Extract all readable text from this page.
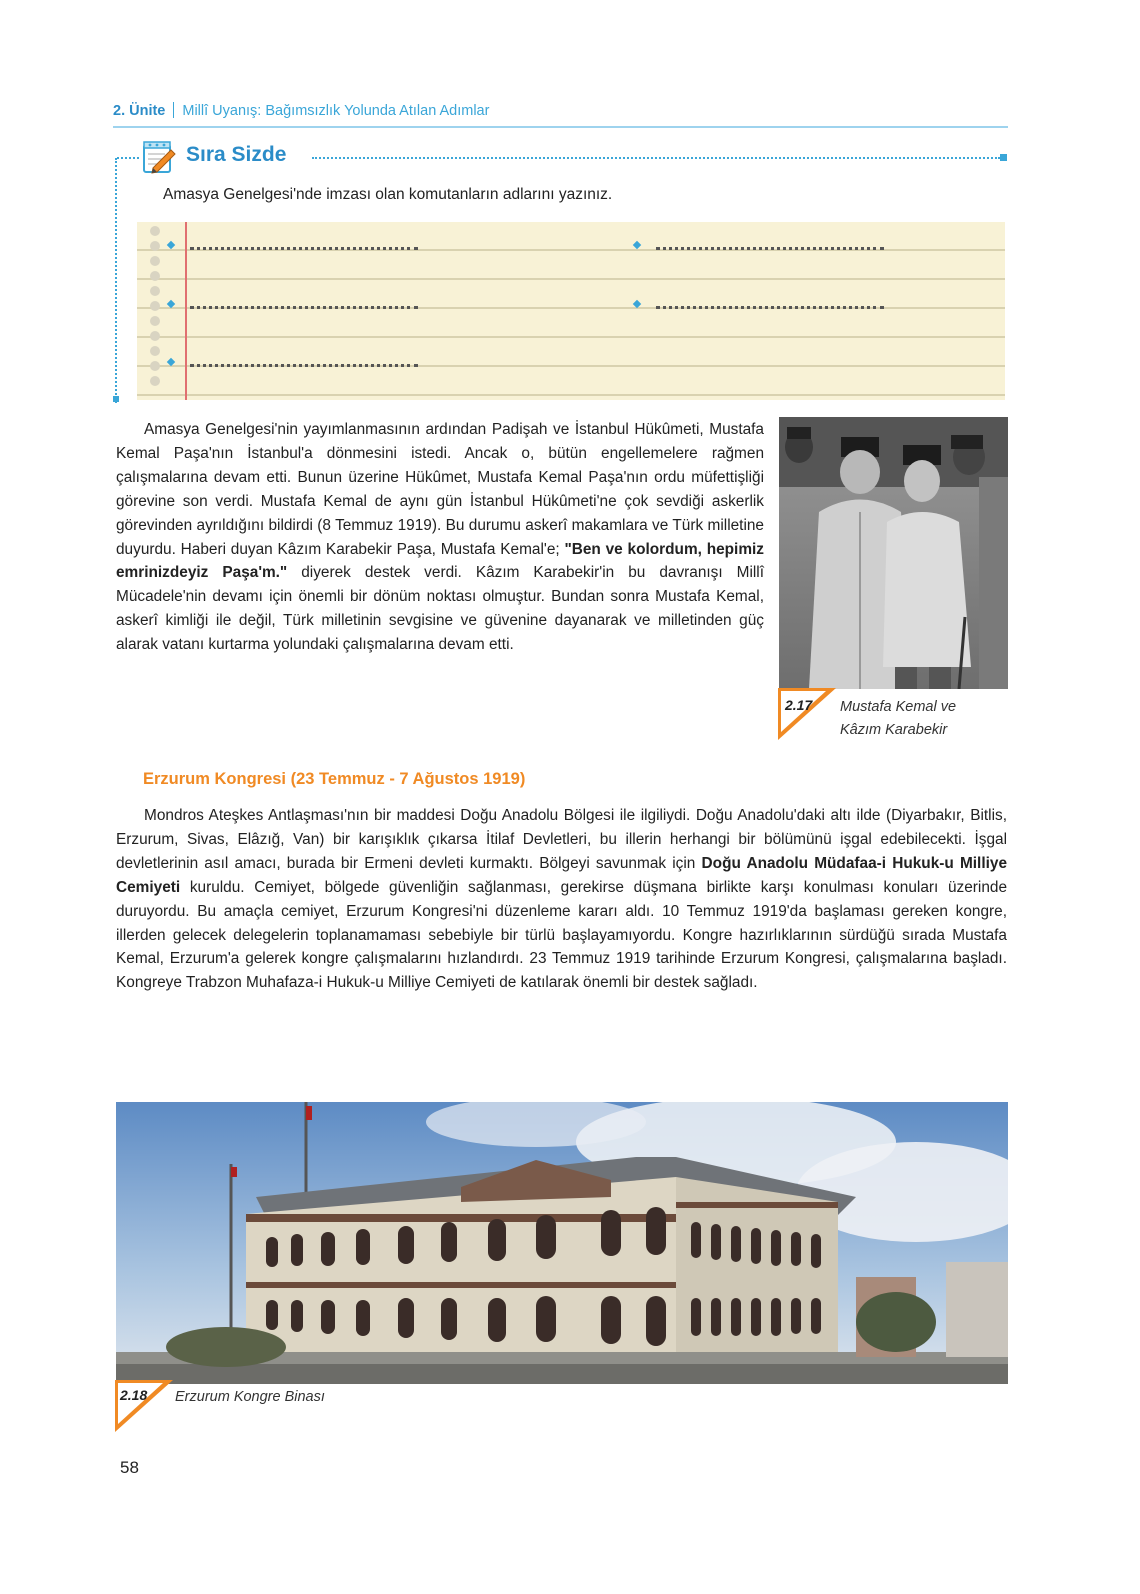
2. Ünite Millî Uyanış: Bağımsızlık Yolunda Atılan Adımlar
Sıra Sizde
Amasya Genelgesi'nde imzası olan komutanların adlarını yazınız.

Amasya Genelgesi'nin yayımlanmasının ardından Padişah ve İstanbul Hükûmeti, Mustafa Kemal Paşa'nın İstanbul'a dönmesini istedi. Ancak o, bütün engellemelere rağmen çalışmalarına devam etti. Bunun üzerine Hükûmet, Mustafa Kemal Paşa'nın ordu müfettişliği görevine son verdi. Mustafa Kemal de aynı gün İstanbul Hükûmeti'ne çok sevdiği askerlik görevinden ayrıldığını bildirdi (8 Temmuz 1919). Bu durumu askerî makamlara ve Türk milletine duyurdu. Haberi duyan Kâzım Karabekir Paşa, Mustafa Kemal'e; "Ben ve kolordum, hepimiz emrinizdeyiz Paşa'm." diyerek destek verdi. Kâzım Karabekir'in bu davranışı Millî Mücadele'nin devamı için önemli bir dönüm noktası olmuştur. Bundan sonra Mustafa Kemal, askerî kimliği ile değil, Türk milletinin sevgisine ve güvenine dayanarak ve milletinden güç alarak vatanı kurtarma yolundaki çalışmalarına devam etti.

2.17 Mustafa Kemal ve
Kâzım Karabekir
Erzurum Kongresi (23 Temmuz - 7 Ağustos 1919)

Mondros Ateşkes Antlaşması'nın bir maddesi Doğu Anadolu Bölgesi ile ilgiliydi. Doğu Anadolu'daki altı ilde (Diyarbakır, Bitlis, Erzurum, Sivas, Elâzığ, Van) bir karışıklık çıkarsa İtilaf Devletleri, bu illerin herhangi bir bölümünü işgal edebilecekti. İşgal devletlerinin asıl amacı, burada bir Ermeni devleti kurmaktı. Bölgeyi savunmak için Doğu Anadolu Müdafaa-i Hukuk-u Milliye Cemiyeti kuruldu. Cemiyet, bölgede güvenliğin sağlanması, gerekirse düşmana birlikte karşı konulması konuları üzerinde duruyordu. Bu amaçla cemiyet, Erzurum Kongresi'ni düzenleme kararı aldı. 10 Temmuz 1919'da başlaması gereken kongre, illerden gelecek delegelerin toplanamaması sebebiyle bir türlü başlayamıyordu. Kongre hazırlıklarının sürdüğü sırada Mustafa Kemal, Erzurum'a gelerek kongre çalışmalarını hızlandırdı. 23 Temmuz 1919 tarihinde Erzurum Kongresi, çalışmalarına başladı. Kongreye Trabzon Muhafaza-i Hukuk-u Milliye Cemiyeti de katılarak önemli bir destek sağladı.

2.18 Erzurum Kongre Binası
58
